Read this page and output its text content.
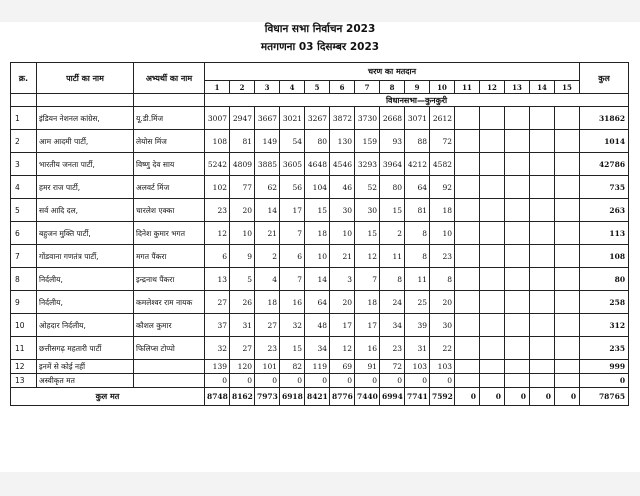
विधान सभा निर्वाचन 2023
मतगणना 03 दिसम्बर 2023
क्र.	पार्टी का नाम	अभ्यर्थी का नाम	चरण का मतदान															कुल
			1	2	3	4	5	6	7	8	9	10	11	12	13	14	15	
			विधानसभा—कुनकुरी															
1	इंडियन नेशनल कांग्रेस,	यू.डी.मिंज	3007	2947	3667	3021	3267	3872	3730	2668	3071	2612						31862
2	आम आदमी पार्टी,	लेयोस मिंज	108	81	149	54	80	130	159	93	88	72						1014
3	भारतीय जनता पार्टी,	विष्णु देव साय	5242	4809	3885	3605	4648	4546	3293	3964	4212	4582						42786
4	हमर राज पार्टी,	अलवर्ट मिंज	102	77	62	56	104	46	52	80	64	92						735
5	सर्व आदि दल,	चारलेश एक्का	23	20	14	17	15	30	30	15	81	18						263
6	बहुजन मुक्ति पार्टी,	दिनेश कुमार भगत	12	10	21	7	18	10	15	2	8	10						113
7	गोंडवाना गणतंत्र पार्टी,	मगत पैंकरा	6	9	2	6	10	21	12	11	8	23						108
8	निर्दलीय,	इन्द्रनाथ पैंकरा	13	5	4	7	14	3	7	8	11	8						80
9	निर्दलीय,	कमलेश्वर राम नायक	27	26	18	16	64	20	18	24	25	20						258
10	ओहदार निर्दलीय,	कौशल कुमार	37	31	27	32	48	17	17	34	39	30						312
11	छत्तीसगढ़ महतारी पार्टी	फिलिप्स टोप्पो	32	27	23	15	34	12	16	23	31	22						235
12	इनमें से कोई नहीं		139	120	101	82	119	69	91	72	103	103						999
13	अस्वीकृत मत		0	0	0	0	0	0	0	0	0	0						0
कुल मत			8748	8162	7973	6918	8421	8776	7440	6994	7741	7592	0	0	0	0	0	78765
